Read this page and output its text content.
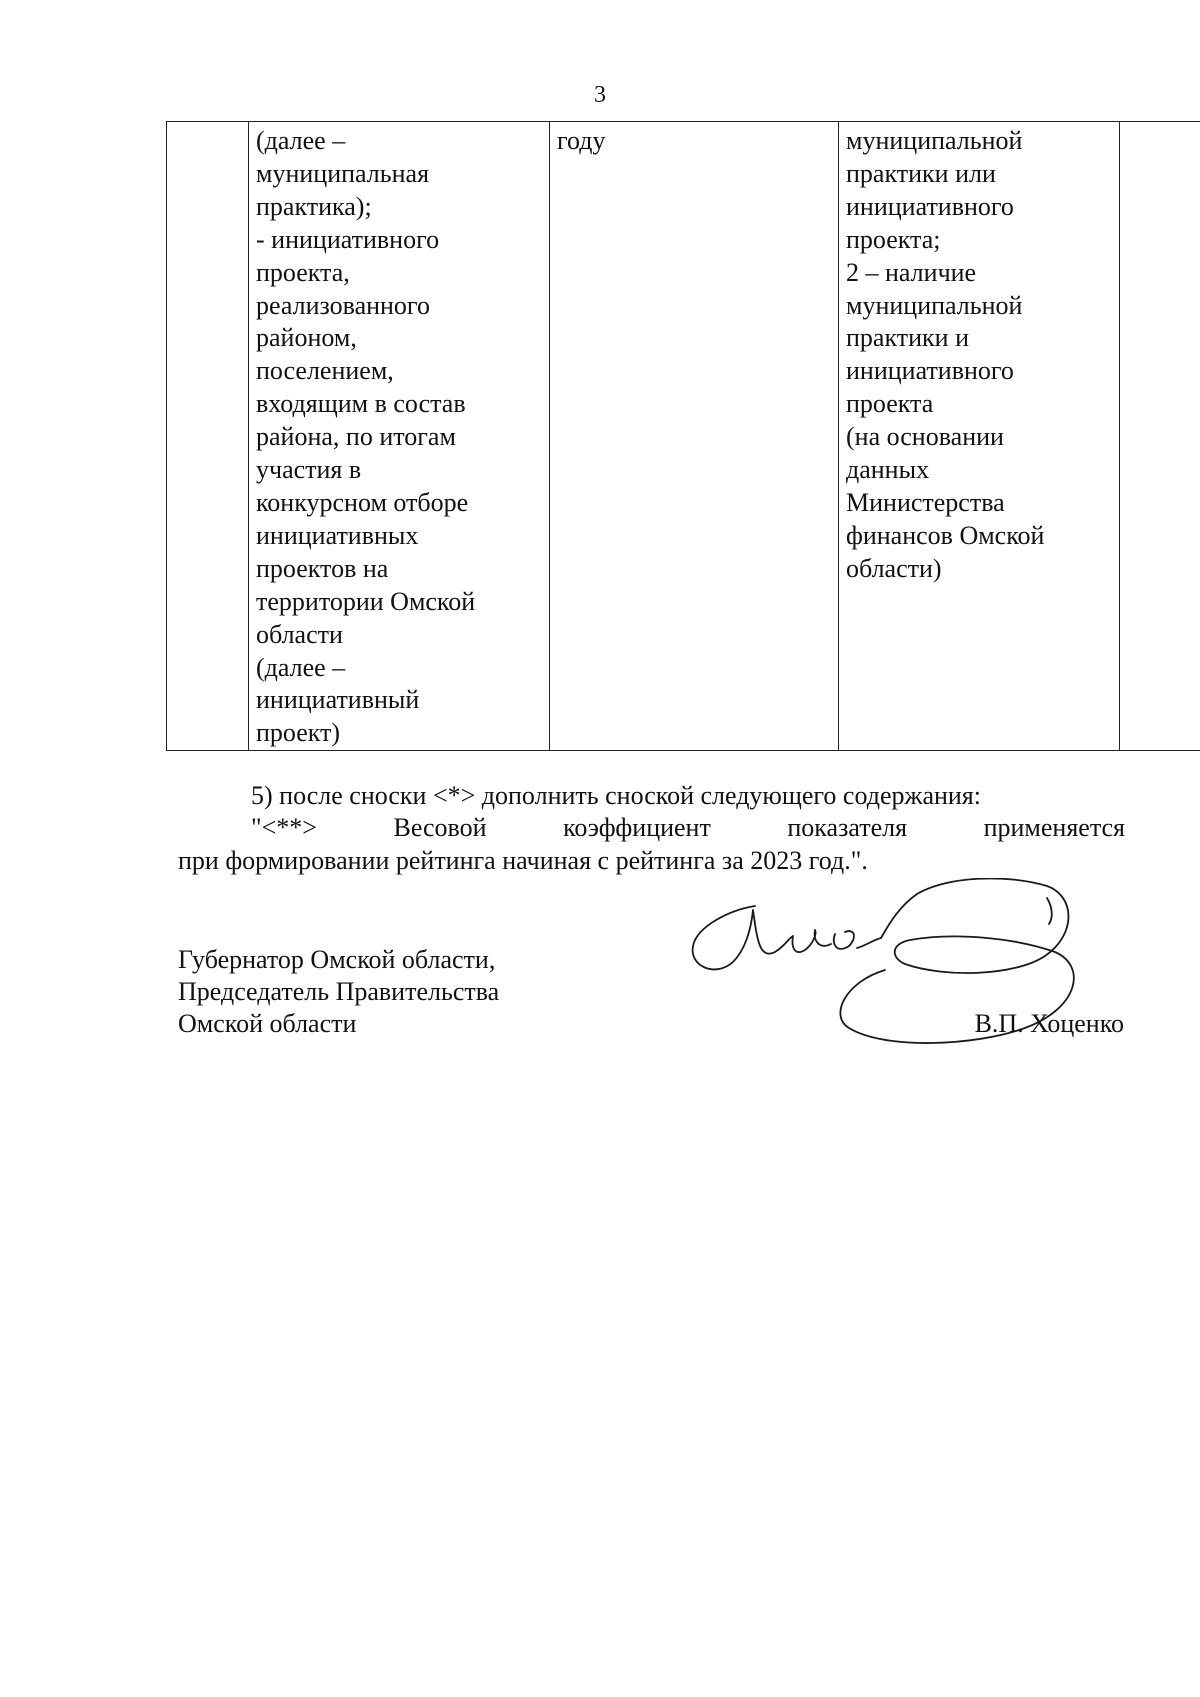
3
	(далее –
муниципальная
практика);
- инициативного
проекта,
реализованного
районом,
поселением,
входящим в состав
района, по итогам
участия в
конкурсном отборе
инициативных
проектов на
территории Омской
области
(далее –
инициативный
проект)	году	муниципальной
практики или
инициативного
проекта;
2 – наличие
муниципальной
практики и
инициативного
проекта
(на основании
данных
Министерства
финансов Омской
области)	

5) после сноски <*> дополнить сноской следующего содержания:

"<**> Весовой коэффициент показателя применяется

при формировании рейтинга начиная с рейтинга за 2023 год.".

Губернатор Омской области,
Председатель Правительства
Омской области	В.П. Хоценко
